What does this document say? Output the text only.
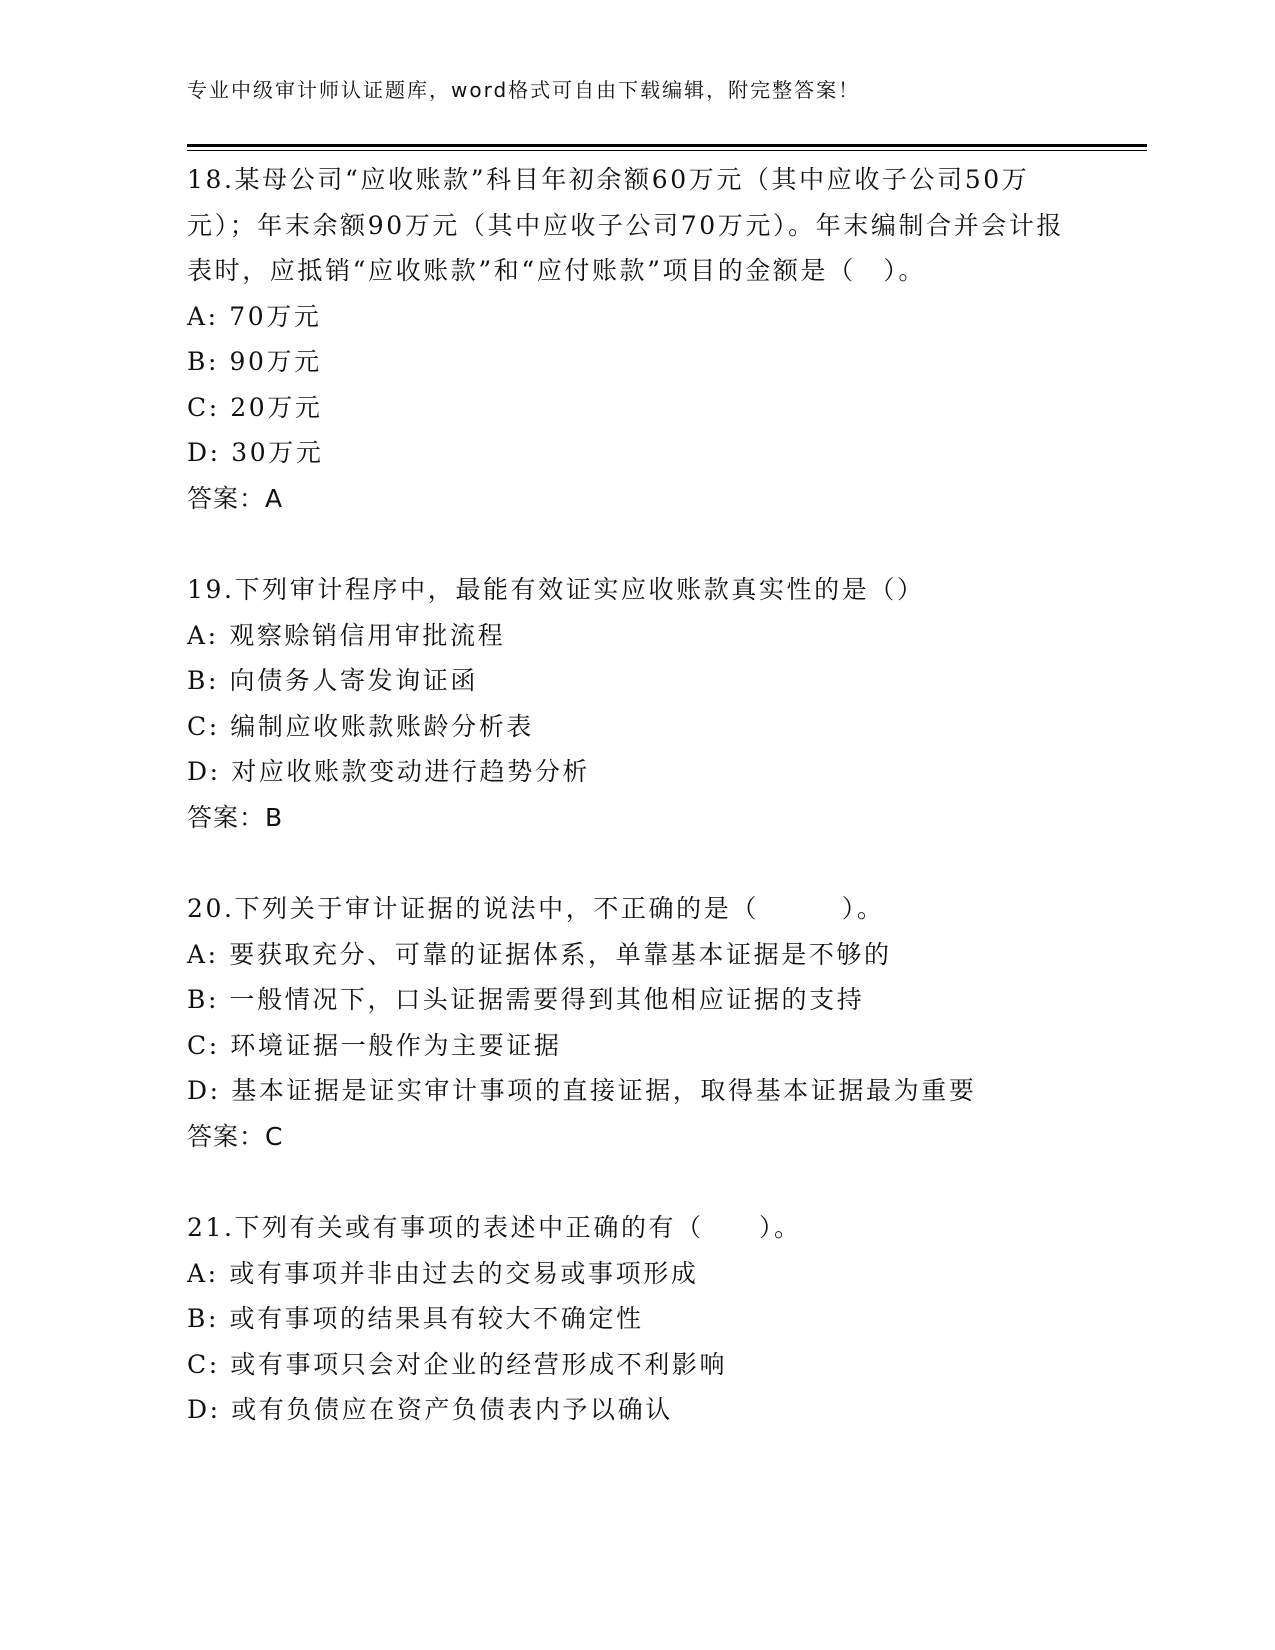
专业中级审计师认证题库，word格式可自由下载编辑，附完整答案！

18.某母公司“应收账款”科目年初余额60万元（其中应收子公司50万元）；年末余额90万元（其中应收子公司70万元）。年末编制合并会计报表时，应抵销“应收账款”和“应付账款”项目的金额是（　）。

A: 70万元

B: 90万元

C: 20万元

D: 30万元

答案：A

19.下列审计程序中，最能有效证实应收账款真实性的是（）

A: 观察赊销信用审批流程

B: 向债务人寄发询证函

C: 编制应收账款账龄分析表

D: 对应收账款变动进行趋势分析

答案：B

20.下列关于审计证据的说法中，不正确的是（　　　）。

A: 要获取充分、可靠的证据体系，单靠基本证据是不够的

B: 一般情况下，口头证据需要得到其他相应证据的支持

C: 环境证据一般作为主要证据

D: 基本证据是证实审计事项的直接证据，取得基本证据最为重要

答案：C

21.下列有关或有事项的表述中正确的有（　　）。

A: 或有事项并非由过去的交易或事项形成

B: 或有事项的结果具有较大不确定性

C: 或有事项只会对企业的经营形成不利影响

D: 或有负债应在资产负债表内予以确认
